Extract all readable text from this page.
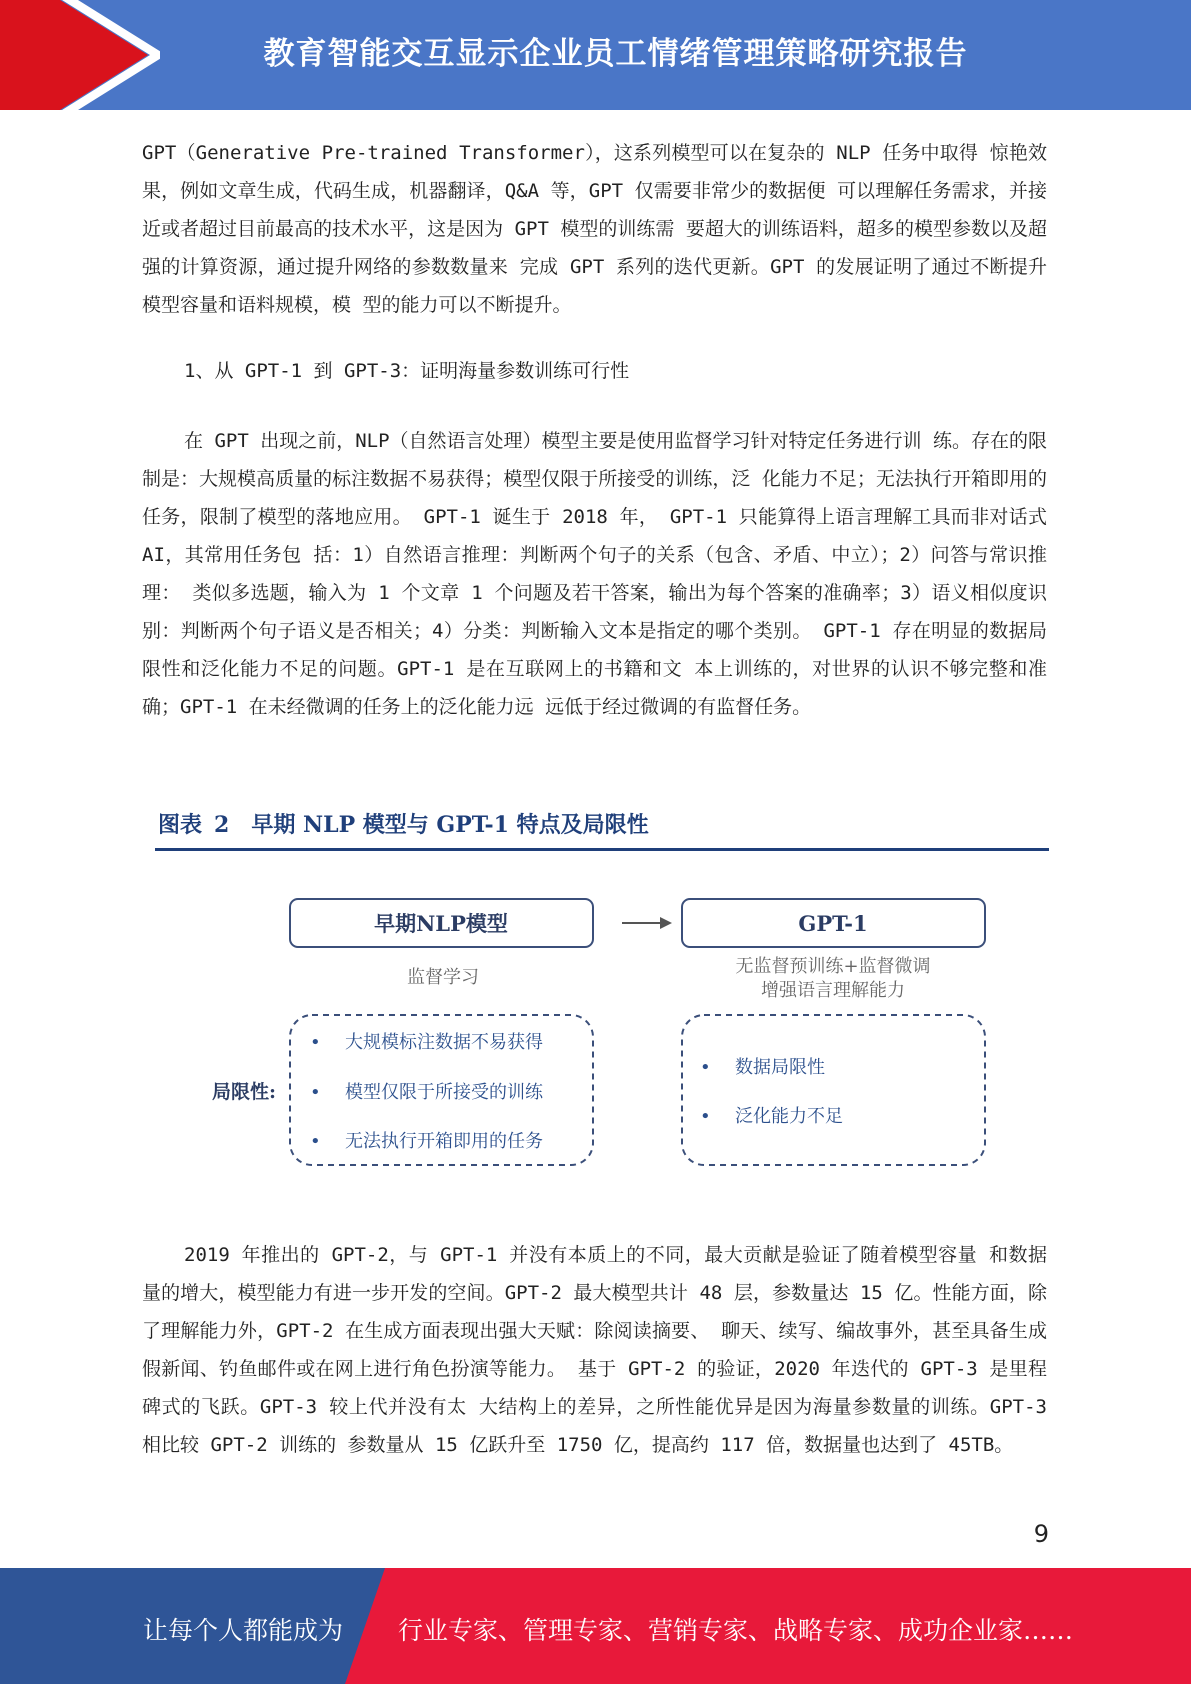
教育智能交互显示企业员工情绪管理策略研究报告

GPT（Generative Pre-trained Transformer），这系列模型可以在复杂的 NLP 任务中取得 惊艳效果，例如文章生成，代码生成，机器翻译，Q&A 等，GPT 仅需要非常少的数据便 可以理解任务需求，并接近或者超过目前最高的技术水平，这是因为 GPT 模型的训练需 要超大的训练语料，超多的模型参数以及超强的计算资源，通过提升网络的参数数量来 完成 GPT 系列的迭代更新。GPT 的发展证明了通过不断提升模型容量和语料规模，模 型的能力可以不断提升。

1、从 GPT-1 到 GPT-3：证明海量参数训练可行性

在 GPT 出现之前，NLP（自然语言处理）模型主要是使用监督学习针对特定任务进行训 练。存在的限制是：大规模高质量的标注数据不易获得；模型仅限于所接受的训练，泛 化能力不足；无法执行开箱即用的任务，限制了模型的落地应用。 GPT-1 诞生于 2018 年， GPT-1 只能算得上语言理解工具而非对话式 AI，其常用任务包 括：1）自然语言推理：判断两个句子的关系（包含、矛盾、中立）；2）问答与常识推理： 类似多选题，输入为 1 个文章 1 个问题及若干答案，输出为每个答案的准确率；3）语义相似度识别：判断两个句子语义是否相关；4）分类：判断输入文本是指定的哪个类别。 GPT-1 存在明显的数据局限性和泛化能力不足的问题。GPT-1 是在互联网上的书籍和文 本上训练的，对世界的认识不够完整和准确；GPT-1 在未经微调的任务上的泛化能力远 远低于经过微调的有监督任务。

图表 2 早期 NLP 模型与 GPT-1 特点及局限性
早期NLP模型	GPT-1
监督学习
无监督预训练+监督微调
增强语言理解能力
局限性:
• 大规模标注数据不易获得
• 模型仅限于所接受的训练
• 无法执行开箱即用的任务
• 数据局限性
• 泛化能力不足

2019 年推出的 GPT-2，与 GPT-1 并没有本质上的不同，最大贡献是验证了随着模型容量 和数据量的增大，模型能力有进一步开发的空间。GPT-2 最大模型共计 48 层，参数量达 15 亿。性能方面，除了理解能力外，GPT-2 在生成方面表现出强大天赋：除阅读摘要、 聊天、续写、编故事外，甚至具备生成假新闻、钓鱼邮件或在网上进行角色扮演等能力。 基于 GPT-2 的验证，2020 年迭代的 GPT-3 是里程碑式的飞跃。GPT-3 较上代并没有太 大结构上的差异，之所性能优异是因为海量参数量的训练。GPT-3 相比较 GPT-2 训练的 参数量从 15 亿跃升至 1750 亿，提高约 117 倍，数据量也达到了 45TB。

9
让每个人都能成为 行业专家、管理专家、营销专家、战略专家、成功企业家……
